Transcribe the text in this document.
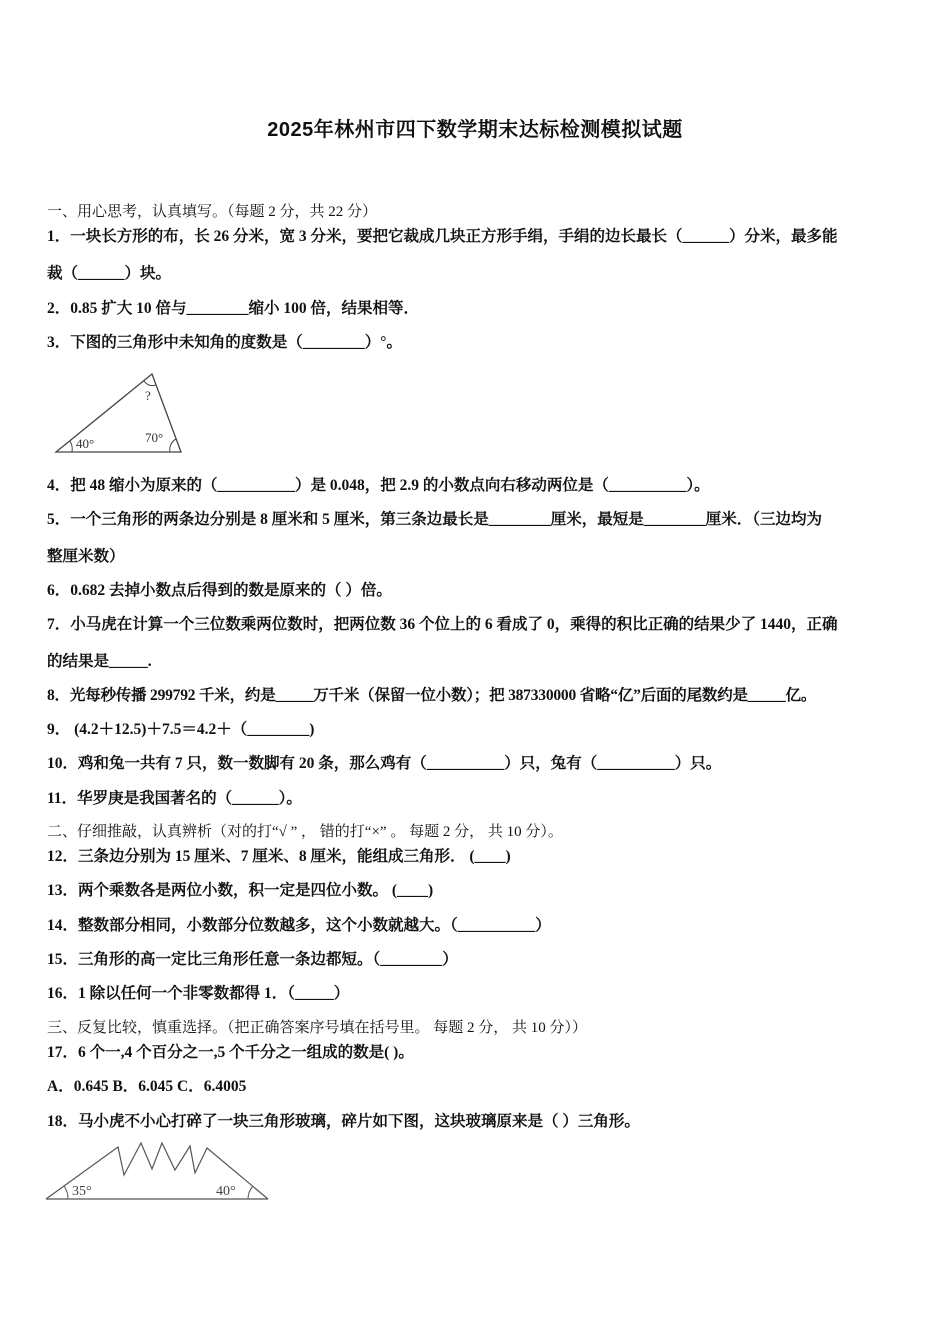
2025年林州市四下数学期末达标检测模拟试题
一、用心思考，认真填写。（每题 2 分，共 22 分）
1．一块长方形的布，长 26 分米，宽 3 分米，要把它裁成几块正方形手绢，手绢的边长最长（______）分米，最多能
裁（______）块。
2．0.85 扩大 10 倍与________缩小 100 倍，结果相等．
3．下图的三角形中未知角的度数是（________）°。
40°	70°
?
4．把 48 缩小为原来的（__________）是 0.048，把 2.9 的小数点向右移动两位是（__________）。
5．一个三角形的两条边分别是 8 厘米和 5 厘米，第三条边最长是________厘米，最短是________厘米．（三边均为
整厘米数）
6．0.682 去掉小数点后得到的数是原来的（ ）倍。
7．小马虎在计算一个三位数乘两位数时，把两位数 36 个位上的 6 看成了 0，乘得的积比正确的结果少了 1440，正确
的结果是_____.
8．光每秒传播 299792 千米，约是_____万千米（保留一位小数）；把 387330000 省略“亿”后面的尾数约是_____亿。
9． (4.2＋12.5)＋7.5＝4.2＋（________)
10．鸡和兔一共有 7 只，数一数脚有 20 条，那么鸡有（__________）只，兔有（__________）只。
11．华罗庚是我国著名的（______）。
二、仔细推敲，认真辨析（对的打“√ ” ， 错的打“×” 。 每题 2 分， 共 10 分）。
12．三条边分别为 15 厘米、7 厘米、8 厘米，能组成三角形． (____)
13．两个乘数各是两位小数，积一定是四位小数。 (____)
14．整数部分相同，小数部分位数越多，这个小数就越大。（__________）
15．三角形的高一定比三角形任意一条边都短。（________）
16．1 除以任何一个非零数都得 1．（_____）
三、反复比较，慎重选择。（把正确答案序号填在括号里。 每题 2 分， 共 10 分））
17．6 个一,4 个百分之一,5 个千分之一组成的数是( )。
A．0.645 B．6.045 C．6.4005
18．马小虎不小心打碎了一块三角形玻璃，碎片如下图，这块玻璃原来是（ ）三角形。
35°	40°
